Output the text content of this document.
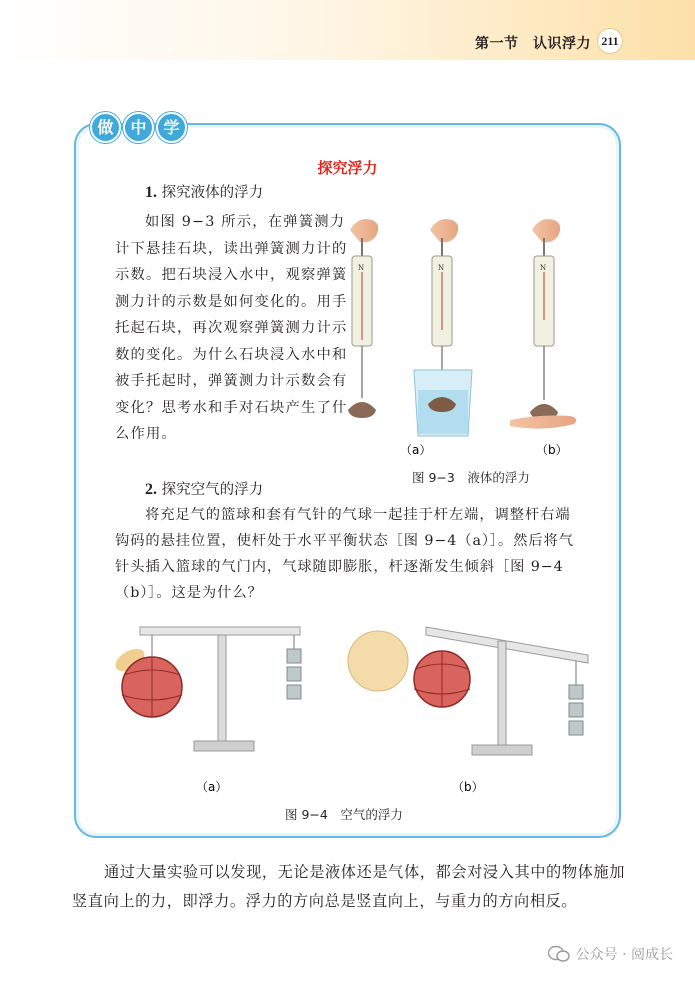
第一节　认识浮力 211
做	中	学
探究浮力
1. 探究液体的浮力
如图 9−3 所示，在弹簧测力计下悬挂石块，读出弹簧测力计的示数。把石块浸入水中，观察弹簧测力计的示数是如何变化的。用手托起石块，再次观察弹簧测力计示数的变化。为什么石块浸入水中和被手托起时，弹簧测力计示数会有变化？思考水和手对石块产生了什么作用。
N	N	N
（a）	（b）
图 9−3　液体的浮力
2. 探究空气的浮力
将充足气的篮球和套有气针的气球一起挂于杆左端，调整杆右端钩码的悬挂位置，使杆处于水平平衡状态［图 9−4（a）］。然后将气针头插入篮球的气门内，气球随即膨胀，杆逐渐发生倾斜［图 9−4（b）］。这是为什么？
（a）	（b）
图 9−4　空气的浮力
通过大量实验可以发现，无论是液体还是气体，都会对浸入其中的物体施加竖直向上的力，即浮力。浮力的方向总是竖直向上，与重力的方向相反。
公众号 · 阅成长
